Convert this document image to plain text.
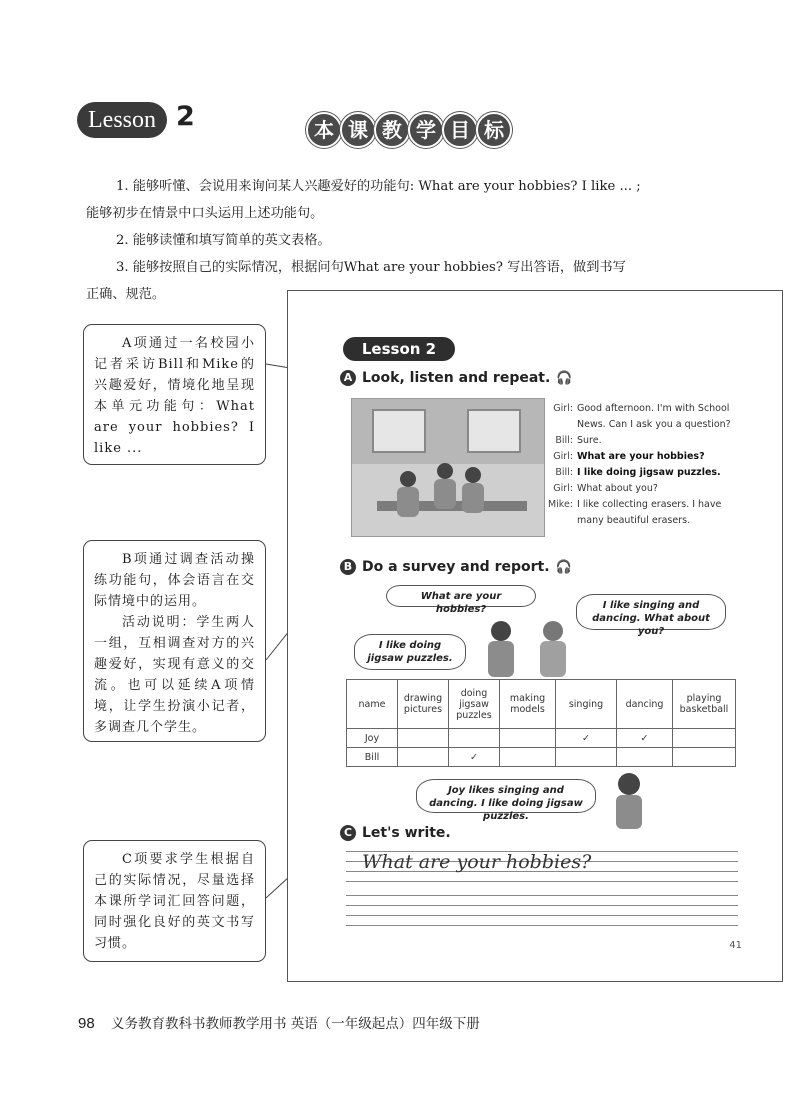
Lesson 2	本 课 教 学 目 标

1. 能够听懂、会说用来询问某人兴趣爱好的功能句: What are your hobbies? I like ... ;

能够初步在情景中口头运用上述功能句。

2. 能够读懂和填写简单的英文表格。

3. 能够按照自己的实际情况，根据问句What are your hobbies? 写出答语，做到书写

正确、规范。

A项通过一名校园小记者采访Bill和Mike的兴趣爱好，情境化地呈现本单元功能句：What are your hobbies? I like ...

B项通过调查活动操练功能句，体会语言在交际情境中的运用。

活动说明：学生两人一组，互相调查对方的兴趣爱好，实现有意义的交流。也可以延续A项情境，让学生扮演小记者，多调查几个学生。

C项要求学生根据自己的实际情况，尽量选择本课所学词汇回答问题，同时强化良好的英文书写习惯。

Lesson 2
A Look, listen and repeat. 🎧
Girl: Good afternoon. I'm with School News. Can I ask you a question?
Bill: Sure.
Girl: What are your hobbies?
Bill: I like doing jigsaw puzzles.
Girl: What about you?
Mike: I like collecting erasers. I have many beautiful erasers.
B Do a survey and report. 🎧
What are your hobbies?	I like singing and dancing. What about you?
I like doing jigsaw puzzles.
name	drawing pictures	doing jigsaw puzzles	making models	singing	dancing	playing basketball
Joy				✓	✓	
Bill		✓				
Joy likes singing and dancing. I like doing jigsaw puzzles.
C Let's write.
What are your hobbies?
41
98 义务教育教科书教师教学用书 英语（一年级起点）四年级下册
